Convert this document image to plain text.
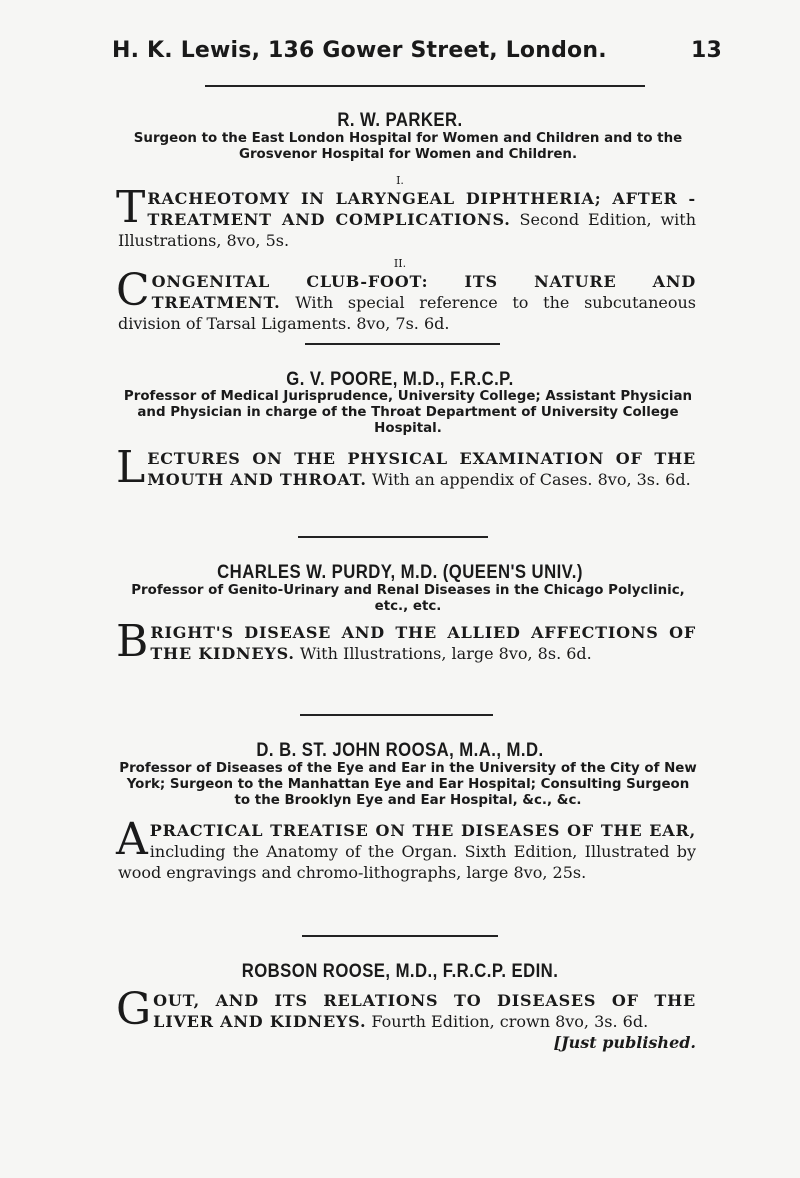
H. K. Lewis, 136 Gower Street, London.	13
R. W. PARKER.
Surgeon to the East London Hospital for Women and Children and to the Grosvenor Hospital for Women and Children.
I.
TRACHEOTOMY IN LARYNGEAL DIPHTHERIA; AFTER - TREATMENT AND COMPLICATIONS. Second Edition, with Illustrations, 8vo, 5s.
II.
CONGENITAL CLUB-FOOT: ITS NATURE AND TREATMENT. With special reference to the subcutaneous division of Tarsal Ligaments. 8vo, 7s. 6d.
G. V. POORE, M.D., F.R.C.P.
Professor of Medical Jurisprudence, University College; Assistant Physician and Physician in charge of the Throat Department of University College Hospital.
LECTURES ON THE PHYSICAL EXAMINATION OF THE MOUTH AND THROAT. With an appendix of Cases. 8vo, 3s. 6d.
CHARLES W. PURDY, M.D. (QUEEN'S UNIV.)
Professor of Genito-Urinary and Renal Diseases in the Chicago Polyclinic, etc., etc.
BRIGHT'S DISEASE AND THE ALLIED AFFECTIONS OF THE KIDNEYS. With Illustrations, large 8vo, 8s. 6d.
D. B. ST. JOHN ROOSA, M.A., M.D.
Professor of Diseases of the Eye and Ear in the University of the City of New York; Surgeon to the Manhattan Eye and Ear Hospital; Consulting Surgeon to the Brooklyn Eye and Ear Hospital, &c., &c.
APRACTICAL TREATISE ON THE DISEASES OF THE EAR, including the Anatomy of the Organ. Sixth Edition, Illustrated by wood engravings and chromo-lithographs, large 8vo, 25s.
ROBSON ROOSE, M.D., F.R.C.P. EDIN.
GOUT, AND ITS RELATIONS TO DISEASES OF THE LIVER AND KIDNEYS. Fourth Edition, crown 8vo, 3s. 6d.
[Just published.
